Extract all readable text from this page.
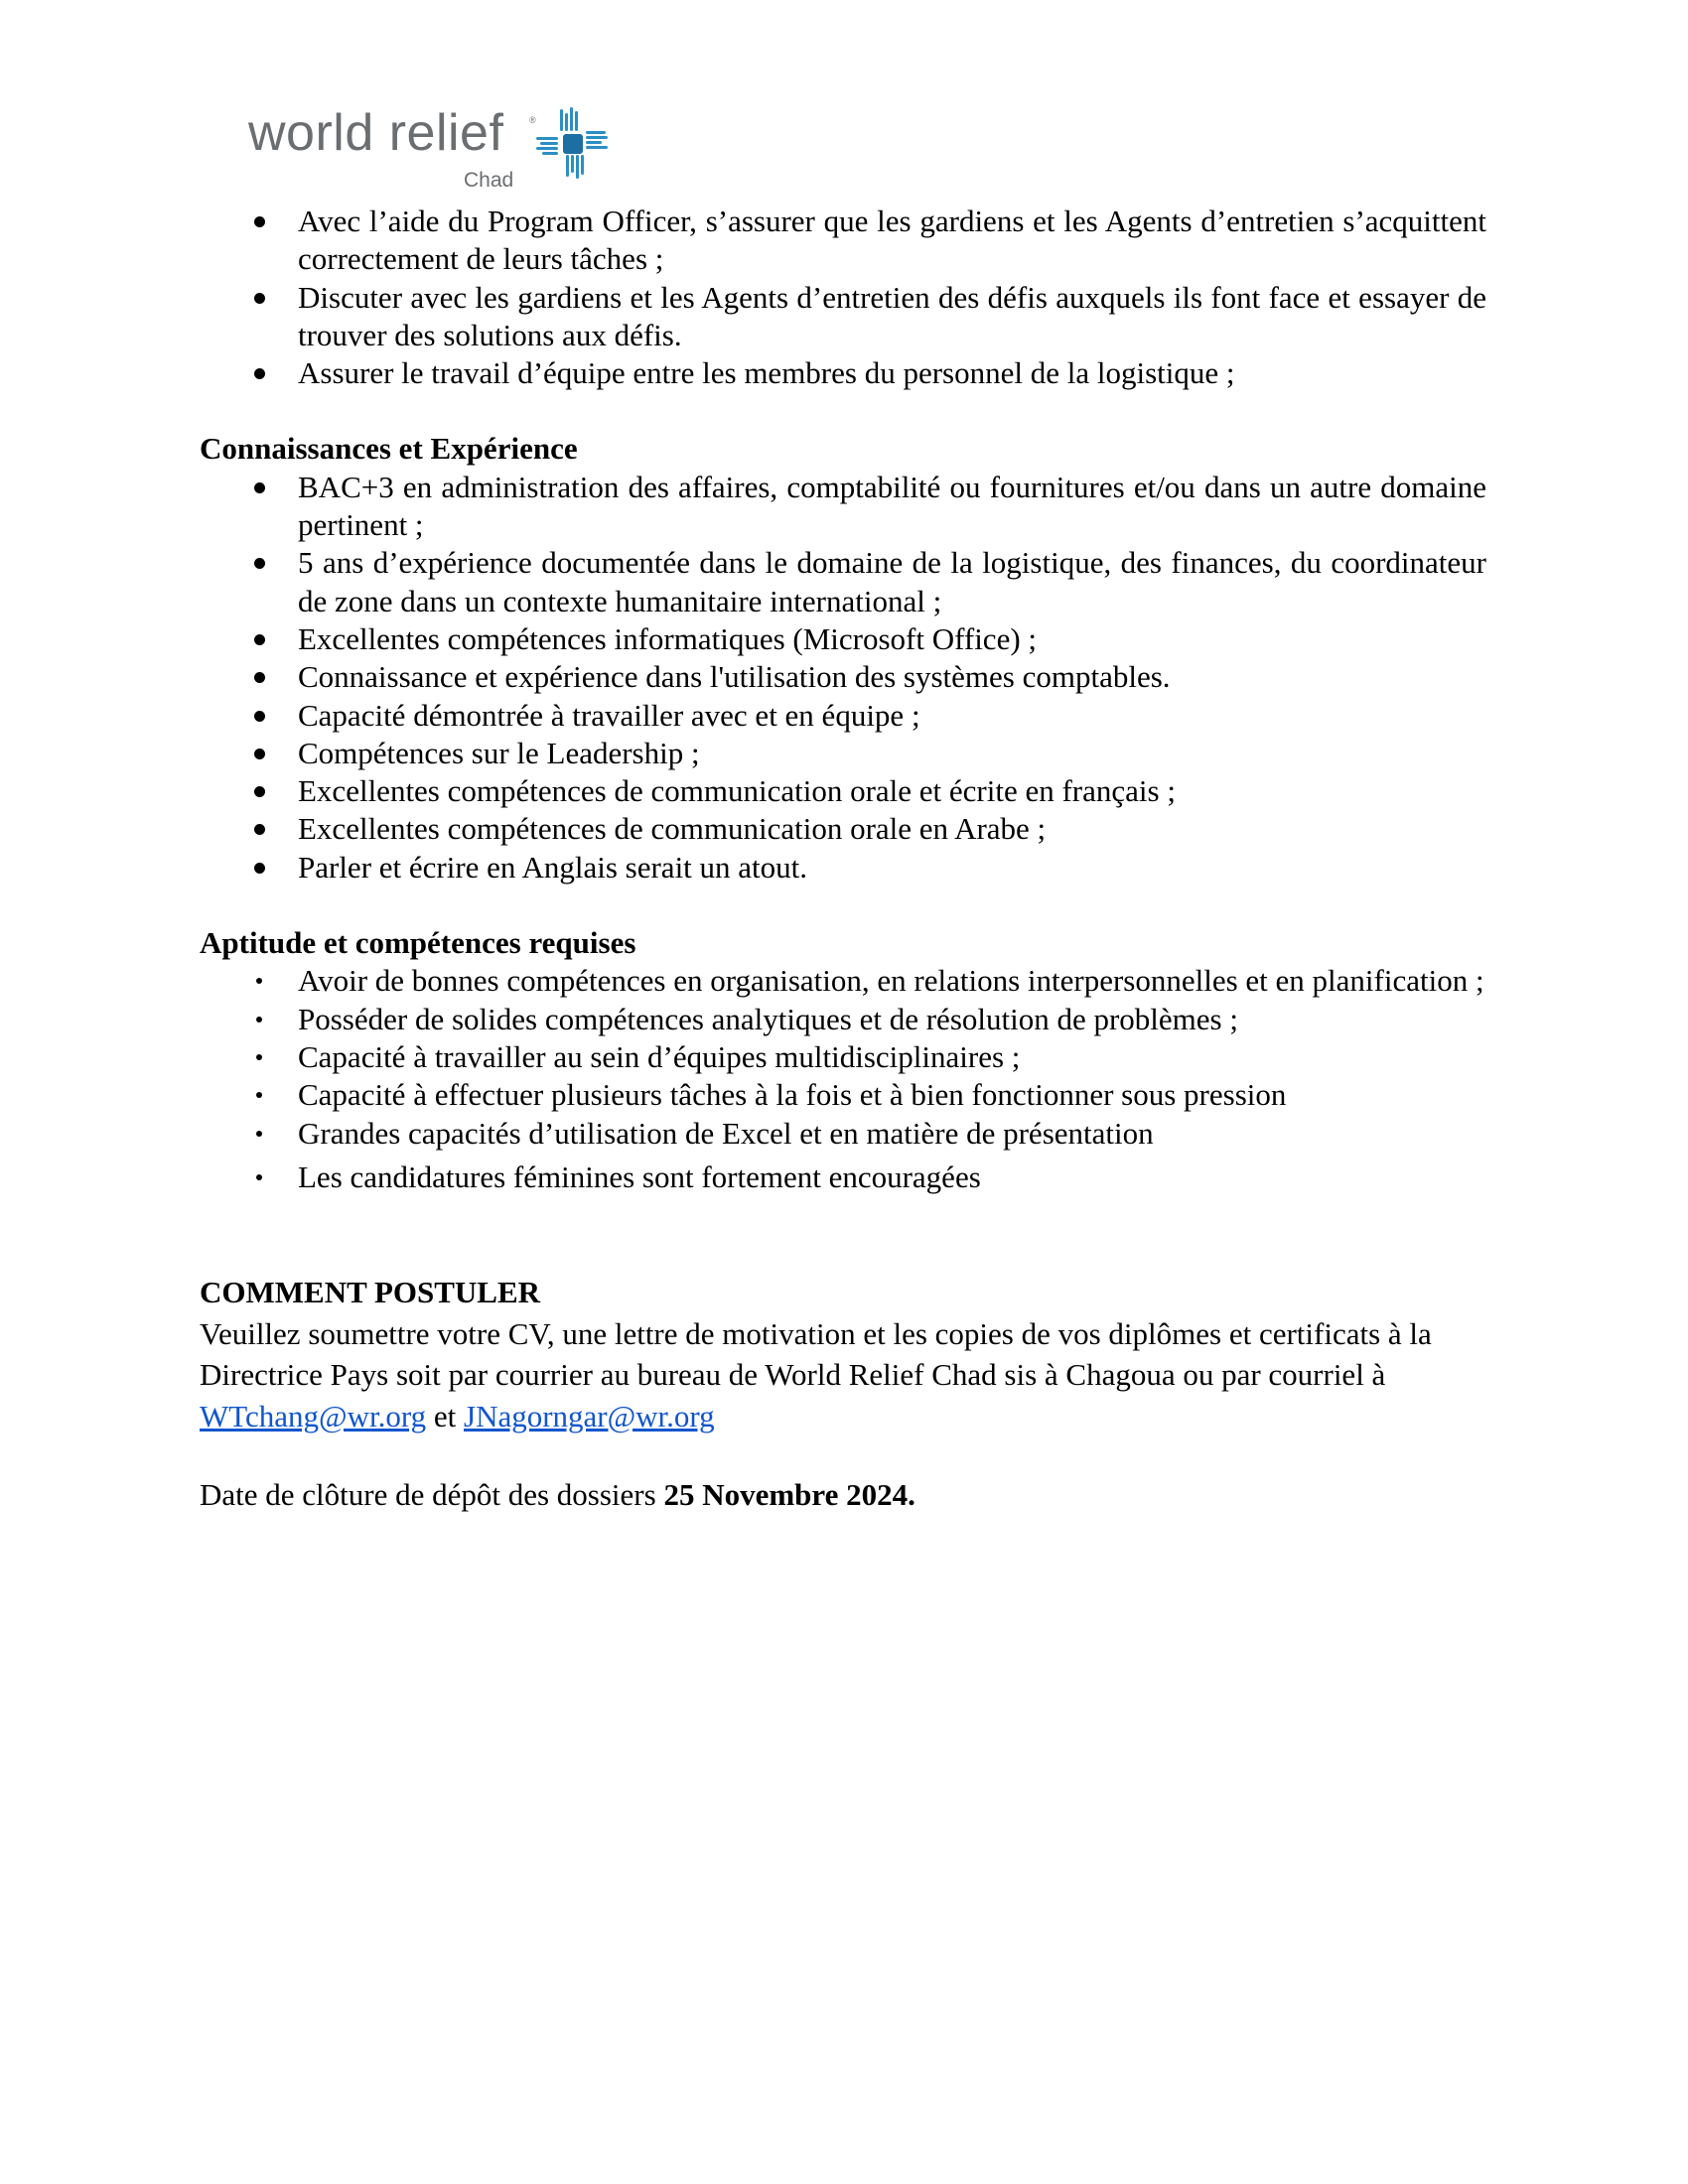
world relief	®
Chad
Avec l’aide du Program Officer, s’assurer que les gardiens et les Agents d’entretien s’acquittent correctement de leurs tâches ;
Discuter avec les gardiens et les Agents d’entretien des défis auxquels ils font face et essayer de trouver des solutions aux défis.
Assurer le travail d’équipe entre les membres du personnel de la logistique ;

Connaissances et Expérience

BAC+3 en administration des affaires, comptabilité ou fournitures et/ou dans un autre domaine pertinent ;
5 ans d’expérience documentée dans le domaine de la logistique, des finances, du coordinateur de zone dans un contexte humanitaire international ;
Excellentes compétences informatiques (Microsoft Office) ;
Connaissance et expérience dans l'utilisation des systèmes comptables.
Capacité démontrée à travailler avec et en équipe ;
Compétences sur le Leadership ;
Excellentes compétences de communication orale et écrite en français ;
Excellentes compétences de communication orale en Arabe ;
Parler et écrire en Anglais serait un atout.

Aptitude et compétences requises

Avoir de bonnes compétences en organisation, en relations interpersonnelles et en planification ;
Posséder de solides compétences analytiques et de résolution de problèmes ;
Capacité à travailler au sein d’équipes multidisciplinaires ;
Capacité à effectuer plusieurs tâches à la fois et à bien fonctionner sous pression
Grandes capacités d’utilisation de Excel et en matière de présentation
Les candidatures féminines sont fortement encouragées

COMMENT POSTULER

Veuillez soumettre votre CV, une lettre de motivation et les copies de vos diplômes et certificats à la Directrice Pays soit par courrier au bureau de World Relief Chad sis à Chagoua ou par courriel à WTchang@wr.org et JNagorngar@wr.org

Date de clôture de dépôt des dossiers 25 Novembre 2024.
